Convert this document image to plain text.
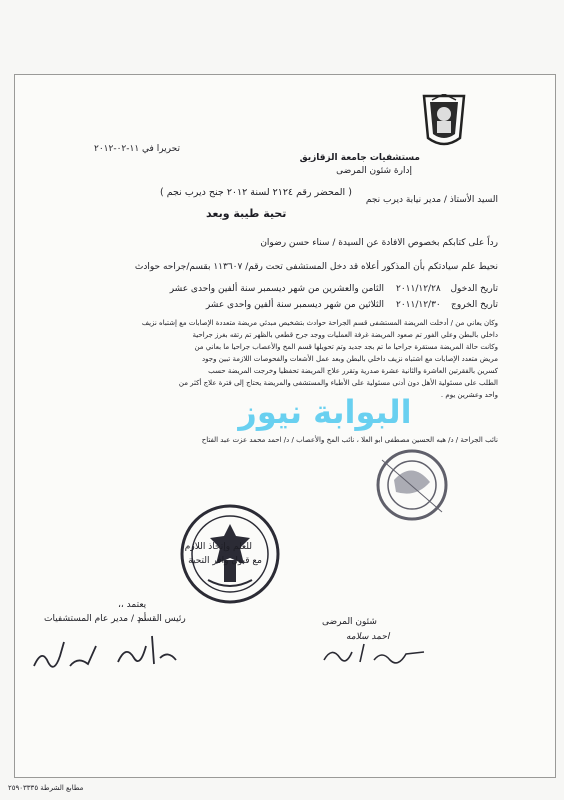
مستشفيات جامعة الزقازيق
إدارة شئون المرضى
تحريرا في ١١-٠٢-٢٠١٢
السيد الأستاذ / مدير نيابة ديرب نجم
( المحضر رقم ٢١٢٤ لسنة ٢٠١٢ جنح ديرب نجم )
تحية طيبة وبعد
رداً على كتابكم بخصوص الافادة عن السيدة / سناء حسن رضوان
نحيط علم سيادتكم بأن المذكور أعلاه قد دخل المستشفى تحت رقم/ ١١٣٦٠٧ بقسم/جراحه حوادث
تاريخ الدخول
٢٠١١/١٢/٢٨
الثامن والعشرين من شهر ديسمبر سنة ألفين واحدى عشر
تاريخ الخروج
٢٠١١/١٢/٣٠
الثلاثين من شهر ديسمبر سنة ألفين واحدى عشر
وكان يعاني من / أدخلت المريضة المستشفى قسم الجراحة حوادث بتشخيص مبدئي مريضة متعددة الإصابات مع إشتباه نزيف
داخلي بالبطن وعلي الفور تم صعود المريضة غرفة العمليات ووجد جرح قطعي بالظهر تم رتقه بغرز جراحية
وكانت حالة المريضة مستقرة جراحيا ما تم بجد جديد وتم تحويلها قسم المخ والأعصاب جراحيا ما بعاني من
مريض متعدد الإصابات مع اشتباه نزيف داخلي بالبطن وبعد عمل الأشعات والفحوصات اللازمة تبين وجود
كسرين بالفقرتين العاشرة والثانية عشرة صدرية وتقرر علاج المريضة تحفظيا وخرجت المريضة حسب
الطلب على مسئولية الأهل دون أدنى مسئولية على الأطباء والمستشفى والمريضة يحتاج إلى فترة علاج أكثر من
واحد وعشرين يوم .
البوابة نيوز
نائب الجراحة / د/ هبه الحسين مصطفى ابو العلا ، نائب المخ والأعصاب / د/ احمد محمد عزت عبد الفتاح
للعلم وإتخاذ اللازم
مع قبول وافر التحية
يعتمد ،،
أ.د / مدير عام المستشفيات
رئيس القسم	شئون المرضى
احمد سلامه
مطابع الشرطة ٢٥٩٠٣٣٣٥
